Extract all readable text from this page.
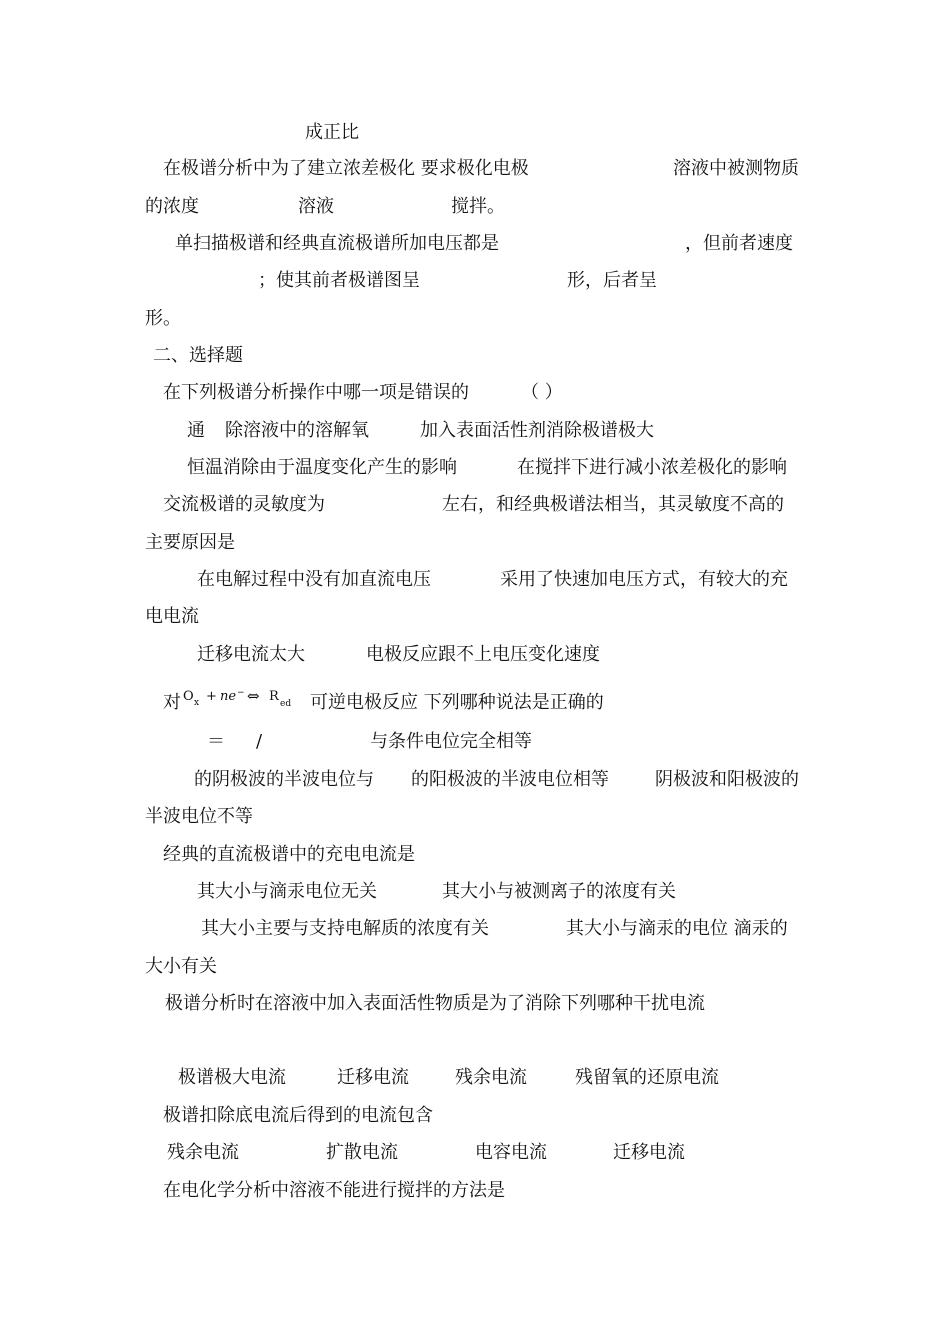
成正比
在极谱分析中为了建立浓差极化 要求极化电极	溶液中被测物质
的浓度	溶液	搅拌。
单扫描极谱和经典直流极谱所加电压都是	，但前者速度
；使其前者极谱图呈	形，后者呈
形。
二、选择题
在下列极谱分析操作中哪一项是错误的	（ ）
通 除溶液中的溶解氧	加入表面活性剂消除极谱极大
恒温消除由于温度变化产生的影响	在搅拌下进行减小浓差极化的影响
交流极谱的灵敏度为	左右，和经典极谱法相当，其灵敏度不高的
主要原因是
在电解过程中没有加直流电压	采用了快速加电压方式，有较大的充
电电流
迁移电流太大	电极反应跟不上电压变化速度
对 O x + ne − ⇔ R ed 可逆电极反应 下列哪种说法是正确的
＝ /	与条件电位完全相等
的阴极波的半波电位与 的阳极波的半波电位相等	阴极波和阳极波的
半波电位不等
经典的直流极谱中的充电电流是
其大小与滴汞电位无关	其大小与被测离子的浓度有关
其大小主要与支持电解质的浓度有关	其大小与滴汞的电位 滴汞的
大小有关
极谱分析时在溶液中加入表面活性物质是为了消除下列哪种干扰电流
极谱极大电流	迁移电流	残余电流	残留氧的还原电流
极谱扣除底电流后得到的电流包含
残余电流	扩散电流	电容电流	迁移电流
在电化学分析中溶液不能进行搅拌的方法是
